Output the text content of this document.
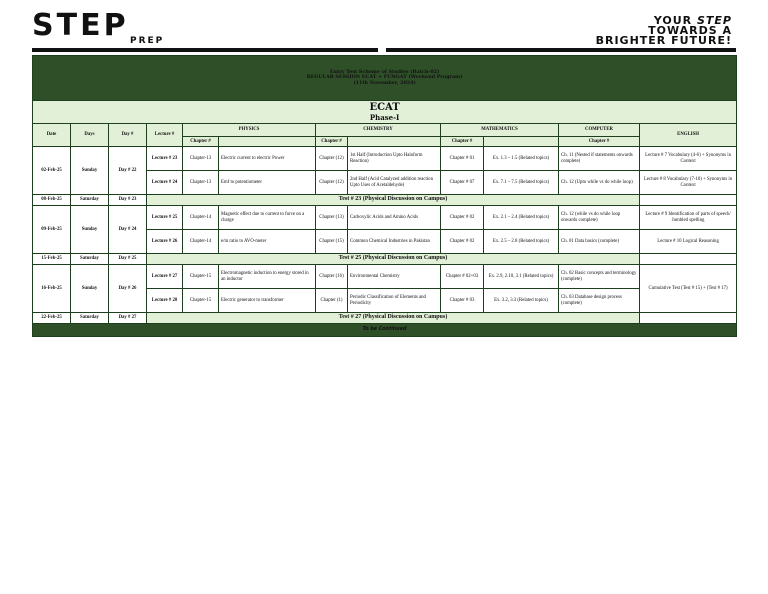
STEP PREP
YOUR STEP
TOWARDS A
BRIGHTER FUTURE!
Entry Test Scheme of Studies (Batch-02)
REGULAR SESSION ECAT + FUNGAT (Weekend Program)
(11th November, 2024)											

ECAT
Phase-I											

Date	Days	Day #	Lecture #	PHYSICS		CHEMISTRY		MATHEMATICS		COMPUTER	ENGLISH
				Chapter #		Chapter #		Chapter #		Chapter #	
02-Feb-25	Sunday	Day # 22	Lecture # 23	Chapter-13	Electric current to electric Power	Chapter (12)	1st Half (Introduction Upto Haloform Reaction)	Chapter # 01	Ex. 1.3 – 1.5 (Related topics)	Ch. 11 (Nested if statements onwards complete)	Lecture # 7 Vocabulary (4-6) + Synonyms in Context
			Lecture # 24	Chapter-13	Emf to potentiometer	Chapter (12)	2nd Half (Acid Catalyzed addition reaction Upto Uses of Acetaldehyde)	Chapter # 07	Ex. 7.1 – 7.5 (Related topics)	Ch. 12 (Upto while vs do while loop)	Lecture # 8 Vocabulary (7-10) + Synonyms in Context
08-Feb-25	Saturday	Day # 23	Test # 23 (Physical Discussion on Campus)								
09-Feb-25	Sunday	Day # 24	Lecture # 25	Chapter-14	Magnetic effect due to current to force on a charge	Chapter (13)	Carboxylic Acids and Amino Acids	Chapter # 02	Ex. 2.1 – 2.4 (Related topics)	Ch. 12 (while vs do while loop onwards complete)	Lecture # 9 Identification of parts of speech/ Jumbled spelling
			Lecture # 26	Chapter-14	e/m ratio to AVO-meter	Chapter (15)	Common Chemical Industries in Pakistan	Chapter # 02	Ex. 2.5 – 2.8 (Related topics)	Ch. 01 Data basics (complete)	Lecture # 10 Logical Reasoning
15-Feb-25	Saturday	Day # 25	Test # 25 (Physical Discussion on Campus)								
16-Feb-25	Sunday	Day # 26	Lecture # 27	Chapter-15	Electromagnetic induction to energy stored in an inductor	Chapter (16)	Environmental Chemistry	Chapter # 02+03	Ex. 2.9, 2.10, 3.1 (Related topics)	Ch. 02 Basic concepts and terminology (complete)	Cumulative Test (Test # 15) + (Test # 17)
			Lecture # 28	Chapter-15	Electric generator to transformer	Chapter (1)	Periodic Classification of Elements and Periodicity	Chapter # 03	Ex. 3.2, 3.3 (Related topics)	Ch. 03 Database design process (complete)	
22-Feb-25	Saturday	Day # 27	Test # 27 (Physical Discussion on Campus)								
To be Continued											
